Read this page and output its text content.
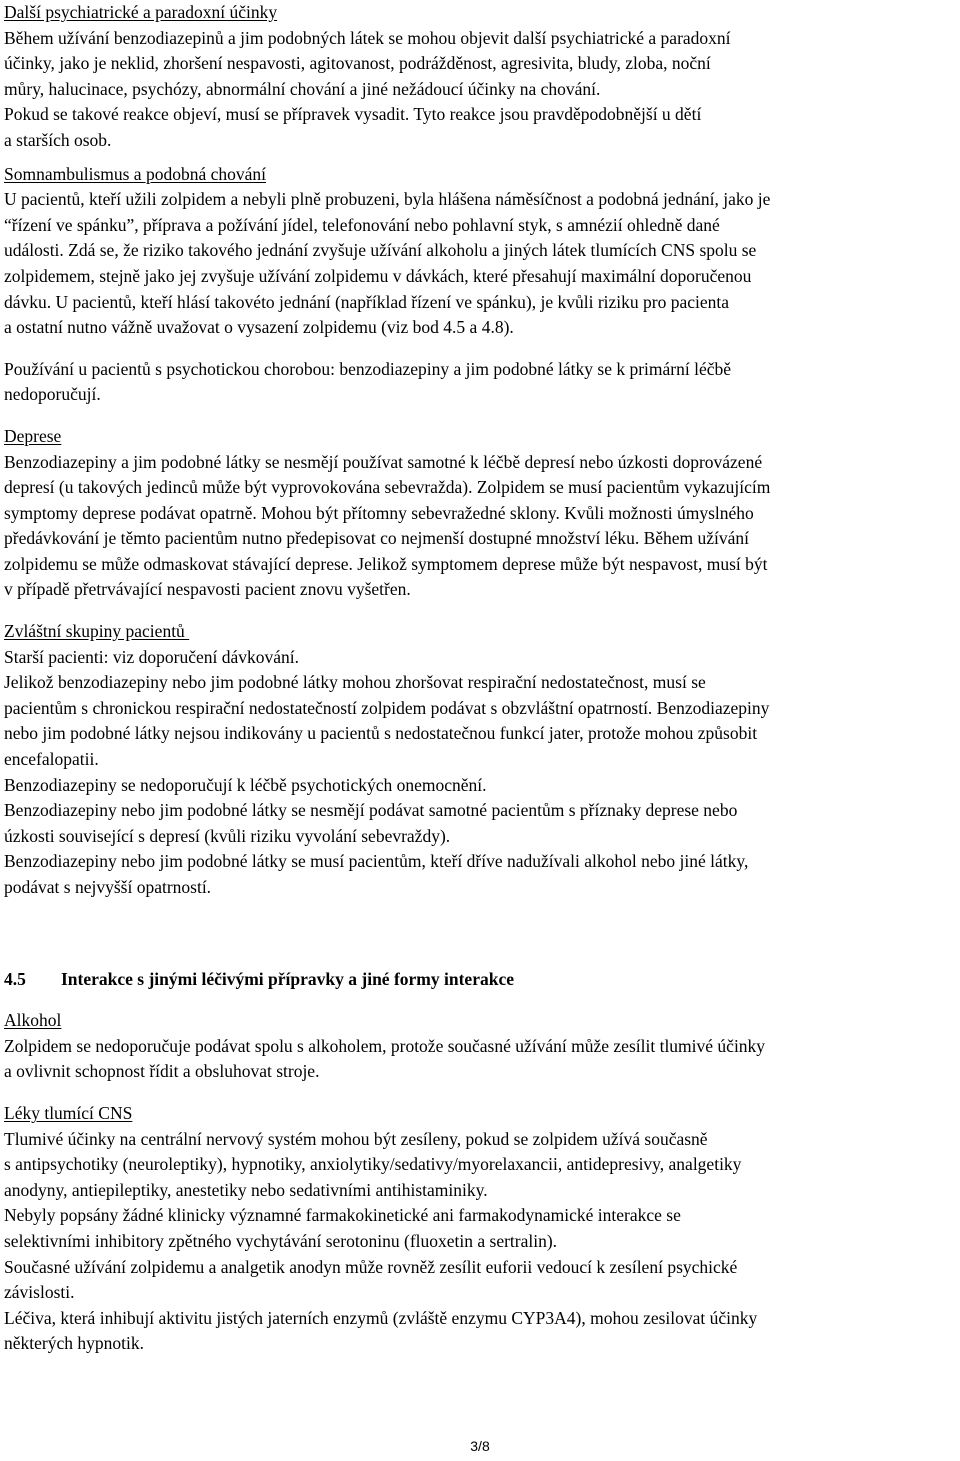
Další psychiatrické a paradoxní účinky
Během užívání benzodiazepinů a jim podobných látek se mohou objevit další psychiatrické a paradoxní
účinky, jako je neklid, zhoršení nespavosti, agitovanost, podrážděnost, agresivita, bludy, zloba, noční
můry, halucinace, psychózy, abnormální chování a jiné nežádoucí účinky na chování.
Pokud se takové reakce objeví, musí se přípravek vysadit. Tyto reakce jsou pravděpodobnější u dětí
a starších osob.
Somnambulismus a podobná chování
U pacientů, kteří užili zolpidem a nebyli plně probuzeni, byla hlášena náměsíčnost a podobná jednání, jako je
“řízení ve spánku”, příprava a požívání jídel, telefonování nebo pohlavní styk, s amnézií ohledně dané
události. Zdá se, že riziko takového jednání zvyšuje užívání alkoholu a jiných látek tlumících CNS spolu se
zolpidemem, stejně jako jej zvyšuje užívání zolpidemu v dávkách, které přesahují maximální doporučenou
dávku. U pacientů, kteří hlásí takovéto jednání (například řízení ve spánku), je kvůli riziku pro pacienta
a ostatní nutno vážně uvažovat o vysazení zolpidemu (viz bod 4.5 a 4.8).
Používání u pacientů s psychotickou chorobou: benzodiazepiny a jim podobné látky se k primární léčbě
nedoporučují.
Deprese
Benzodiazepiny a jim podobné látky se nesmějí používat samotné k léčbě depresí nebo úzkosti doprovázené
depresí (u takových jedinců může být vyprovokována sebevražda). Zolpidem se musí pacientům vykazujícím
symptomy deprese podávat opatrně. Mohou být přítomny sebevražedné sklony. Kvůli možnosti úmyslného
předávkování je těmto pacientům nutno předepisovat co nejmenší dostupné množství léku. Během užívání
zolpidemu se může odmaskovat stávající deprese. Jelikož symptomem deprese může být nespavost, musí být
v případě přetrvávající nespavosti pacient znovu vyšetřen.
Zvláštní skupiny pacientů
Starší pacienti: viz doporučení dávkování.
Jelikož benzodiazepiny nebo jim podobné látky mohou zhoršovat respirační nedostatečnost, musí se
pacientům s chronickou respirační nedostatečností zolpidem podávat s obzvláštní opatrností. Benzodiazepiny
nebo jim podobné látky nejsou indikovány u pacientů s nedostatečnou funkcí jater, protože mohou způsobit
encefalopatii.
Benzodiazepiny se nedoporučují k léčbě psychotických onemocnění.
Benzodiazepiny nebo jim podobné látky se nesmějí podávat samotné pacientům s příznaky deprese nebo
úzkosti související s depresí (kvůli riziku vyvolání sebevraždy).
Benzodiazepiny nebo jim podobné látky se musí pacientům, kteří dříve nadužívali alkohol nebo jiné látky,
podávat s nejvyšší opatrností.
4.5 Interakce s jinými léčivými přípravky a jiné formy interakce
Alkohol
Zolpidem se nedoporučuje podávat spolu s alkoholem, protože současné užívání může zesílit tlumivé účinky
a ovlivnit schopnost řídit a obsluhovat stroje.
Léky tlumící CNS
Tlumivé účinky na centrální nervový systém mohou být zesíleny, pokud se zolpidem užívá současně
s antipsychotiky (neuroleptiky), hypnotiky, anxiolytiky/sedativy/myorelaxancii, antidepresivy, analgetiky
anodyny, antiepileptiky, anestetiky nebo sedativními antihistaminiky.
Nebyly popsány žádné klinicky významné farmakokinetické ani farmakodynamické interakce se
selektivními inhibitory zpětného vychytávání serotoninu (fluoxetin a sertralin).
Současné užívání zolpidemu a analgetik anodyn může rovněž zesílit euforii vedoucí k zesílení psychické
závislosti.
Léčiva, která inhibují aktivitu jistých jaterních enzymů (zvláště enzymu CYP3A4), mohou zesilovat účinky
některých hypnotik.
3/8
